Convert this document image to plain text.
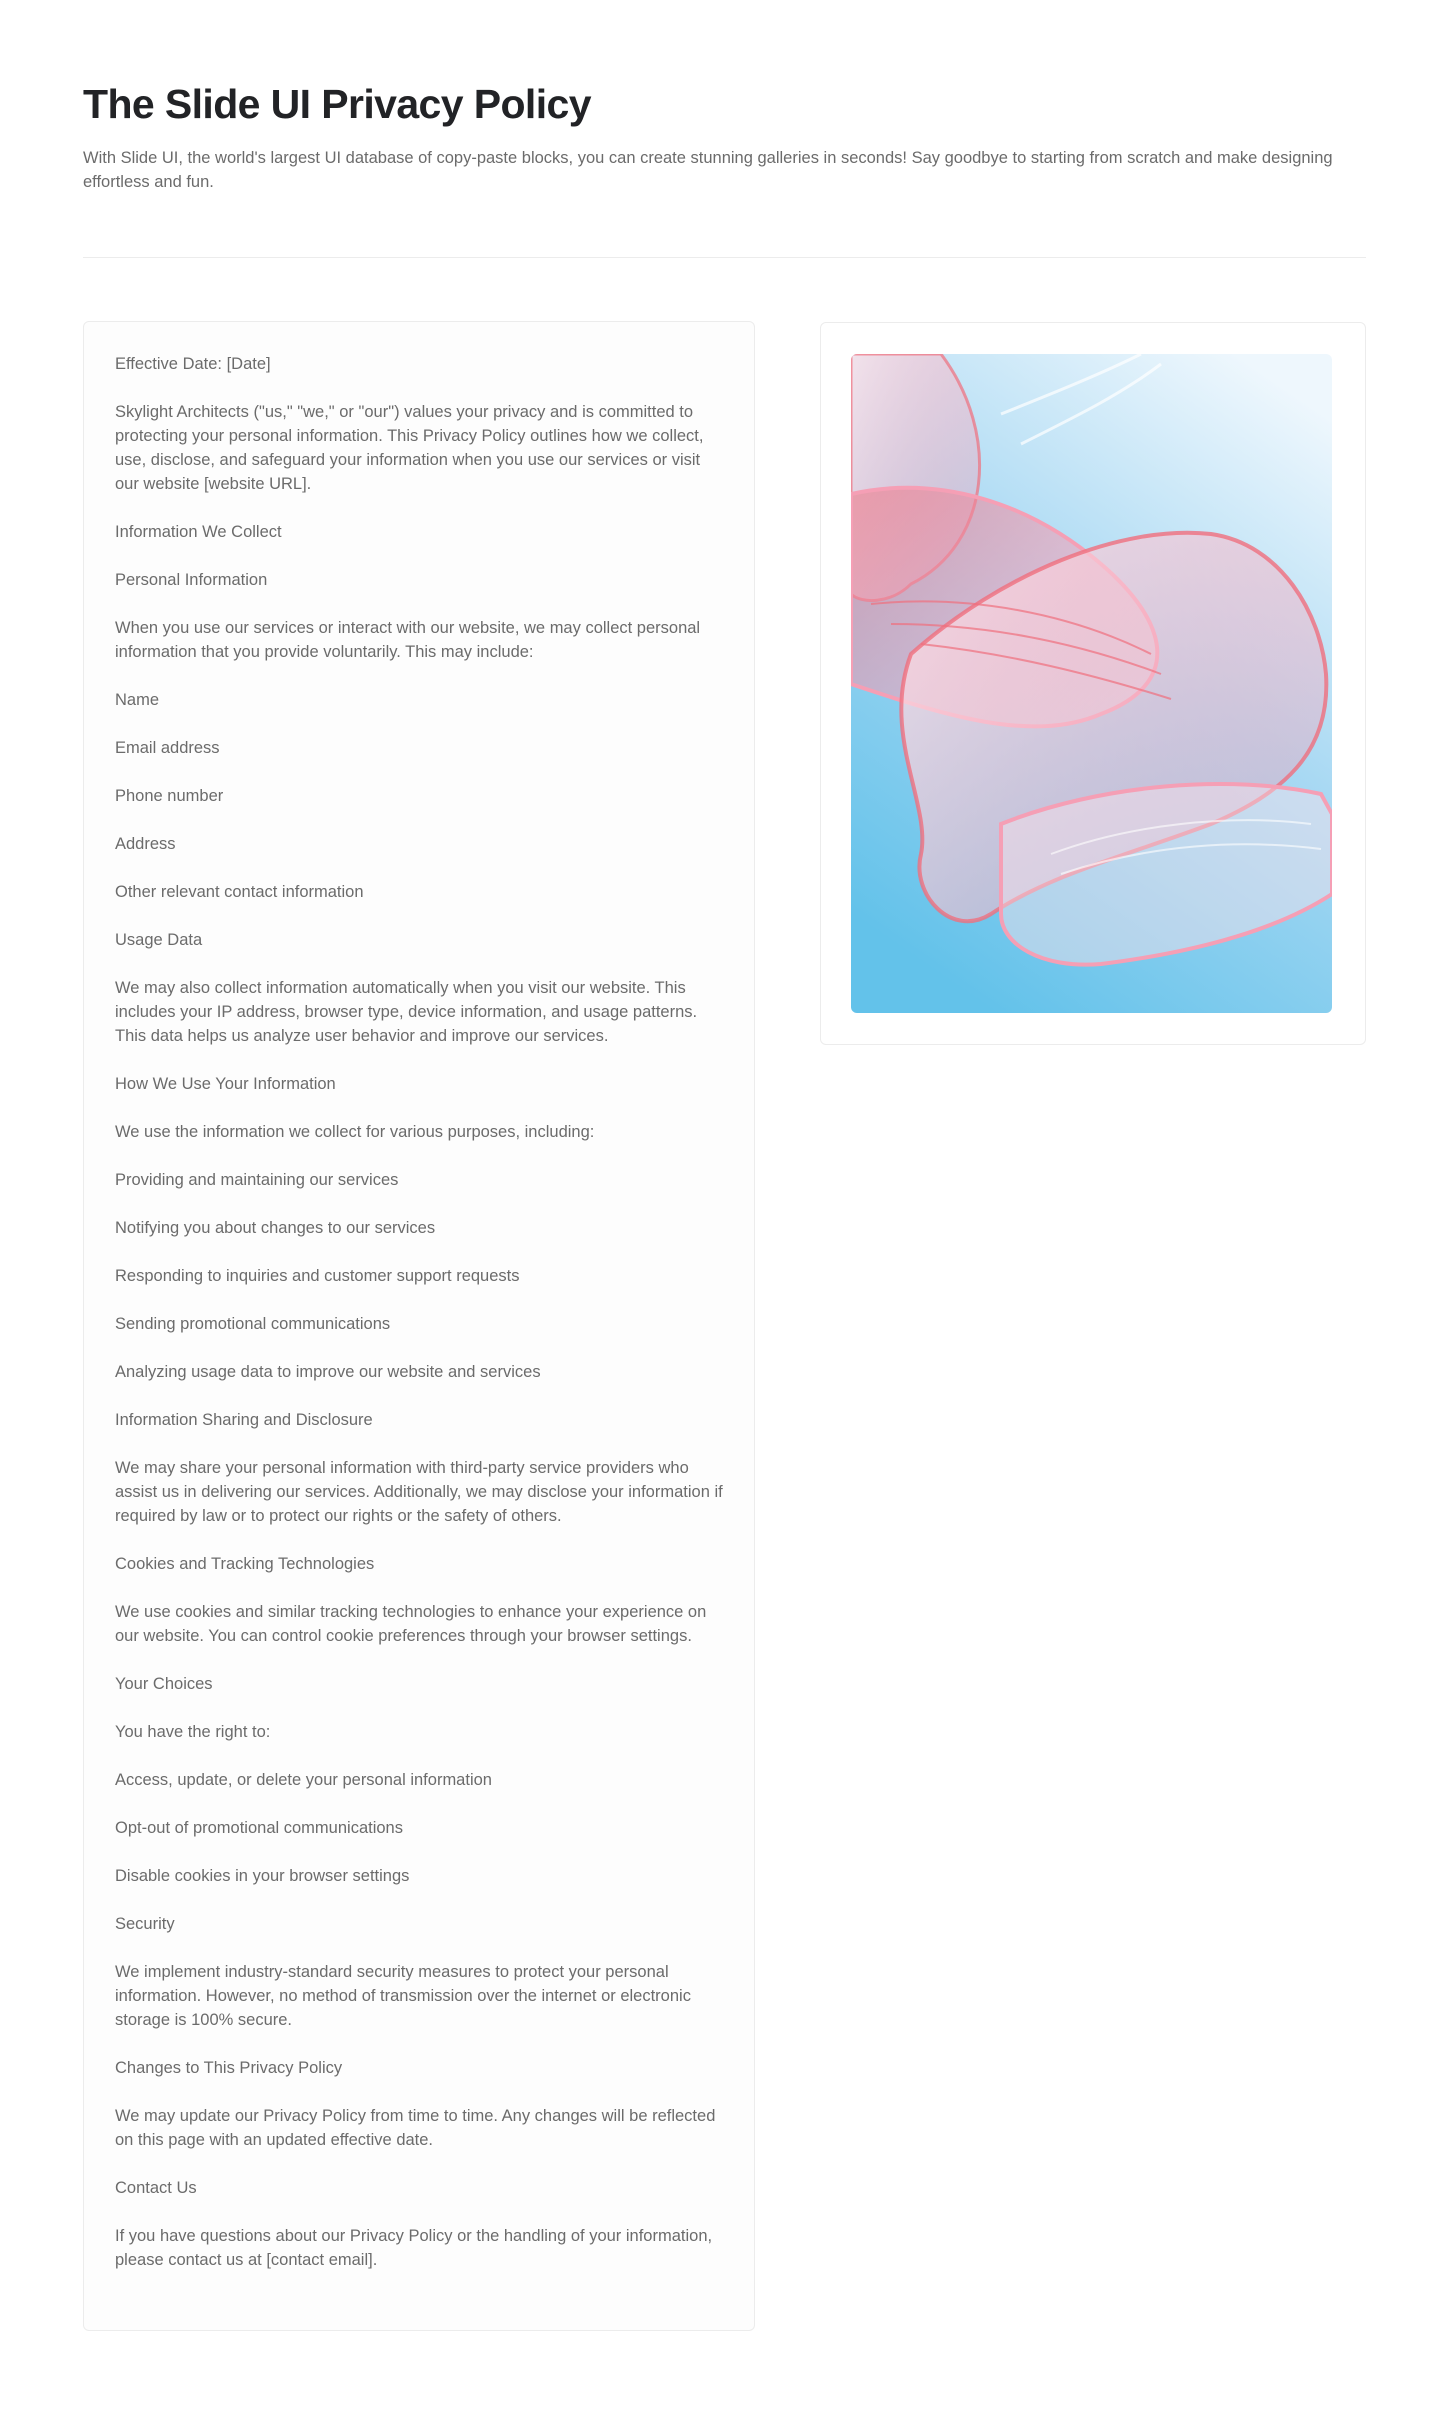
The Slide UI Privacy Policy

With Slide UI, the world's largest UI database of copy-paste blocks, you can create stunning galleries in seconds! Say goodbye to starting from scratch and make designing effortless and fun.

Effective Date: [Date]

Skylight Architects ("us," "we," or "our") values your privacy and is committed to protecting your personal information. This Privacy Policy outlines how we collect, use, disclose, and safeguard your information when you use our services or visit our website [website URL].

Information We Collect

Personal Information

When you use our services or interact with our website, we may collect personal information that you provide voluntarily. This may include:

Name

Email address

Phone number

Address

Other relevant contact information

Usage Data

We may also collect information automatically when you visit our website. This includes your IP address, browser type, device information, and usage patterns. This data helps us analyze user behavior and improve our services.

How We Use Your Information

We use the information we collect for various purposes, including:

Providing and maintaining our services

Notifying you about changes to our services

Responding to inquiries and customer support requests

Sending promotional communications

Analyzing usage data to improve our website and services

Information Sharing and Disclosure

We may share your personal information with third-party service providers who assist us in delivering our services. Additionally, we may disclose your information if required by law or to protect our rights or the safety of others.

Cookies and Tracking Technologies

We use cookies and similar tracking technologies to enhance your experience on our website. You can control cookie preferences through your browser settings.

Your Choices

You have the right to:

Access, update, or delete your personal information

Opt-out of promotional communications

Disable cookies in your browser settings

Security

We implement industry-standard security measures to protect your personal information. However, no method of transmission over the internet or electronic storage is 100% secure.

Changes to This Privacy Policy

We may update our Privacy Policy from time to time. Any changes will be reflected on this page with an updated effective date.

Contact Us

If you have questions about our Privacy Policy or the handling of your information, please contact us at [contact email].
